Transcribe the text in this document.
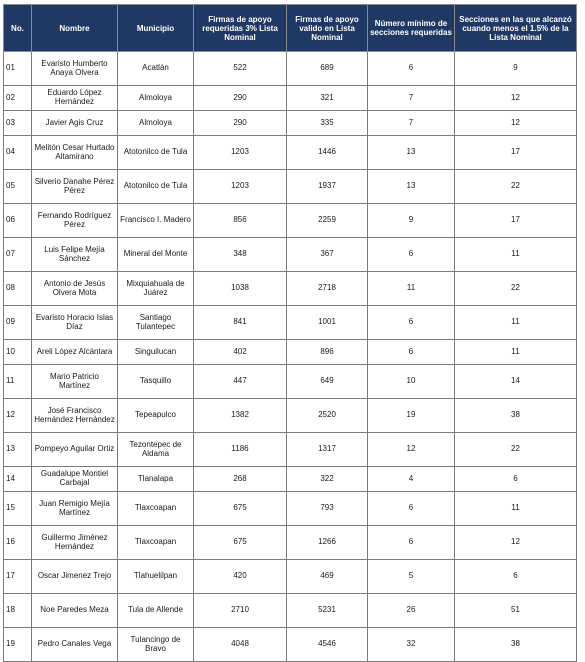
No.	Nombre	Municipio	Firmas de apoyo requeridas 3% Lista Nominal	Firmas de apoyo valido en Lista Nominal	Número mínimo de secciones requeridas	Secciones en las que alcanzó cuando menos el 1.5% de la Lista Nominal
01	Evaristo Humberto Anaya Olvera	Acatlán	522	689	6	9
02	Eduardo López Hernández	Almoloya	290	321	7	12
03	Javier Agis Cruz	Almoloya	290	335	7	12
04	Melitón Cesar Hurtado Altamirano	Atotonilco de Tula	1203	1446	13	17
05	Silverio Danahe Pérez Pérez	Atotonilco de Tula	1203	1937	13	22
06	Fernando Rodríguez Pérez	Francisco I. Madero	856	2259	9	17
07	Luis Felipe Mejía Sánchez	Mineral del Monte	348	367	6	11
08	Antonio de Jesús Olvera Mota	Mixquiahuala de Juárez	1038	2718	11	22
09	Evaristo Horacio Islas Díaz	Santiago Tulantepec	841	1001	6	11
10	Areli López Alcántara	Singuilucan	402	896	6	11
11	Mario Patricio Martínez	Tasquillo	447	649	10	14
12	José Francisco Hernández Hernández	Tepeapulco	1382	2520	19	38
13	Pompeyo Aguilar Ortiz	Tezontepec de Aldama	1186	1317	12	22
14	Guadalupe Montiel Carbajal	Tlanalapa	268	322	4	6
15	Juan Remigio Mejía Martínez	Tlaxcoapan	675	793	6	11
16	Guillermo Jiménez Hernández	Tlaxcoapan	675	1266	6	12
17	Oscar Jimenez Trejo	Tlahuelilpan	420	469	5	6
18	Noe Paredes Meza	Tula de Allende	2710	5231	26	51
19	Pedro Canales Vega	Tulancingo de Bravo	4048	4546	32	38
